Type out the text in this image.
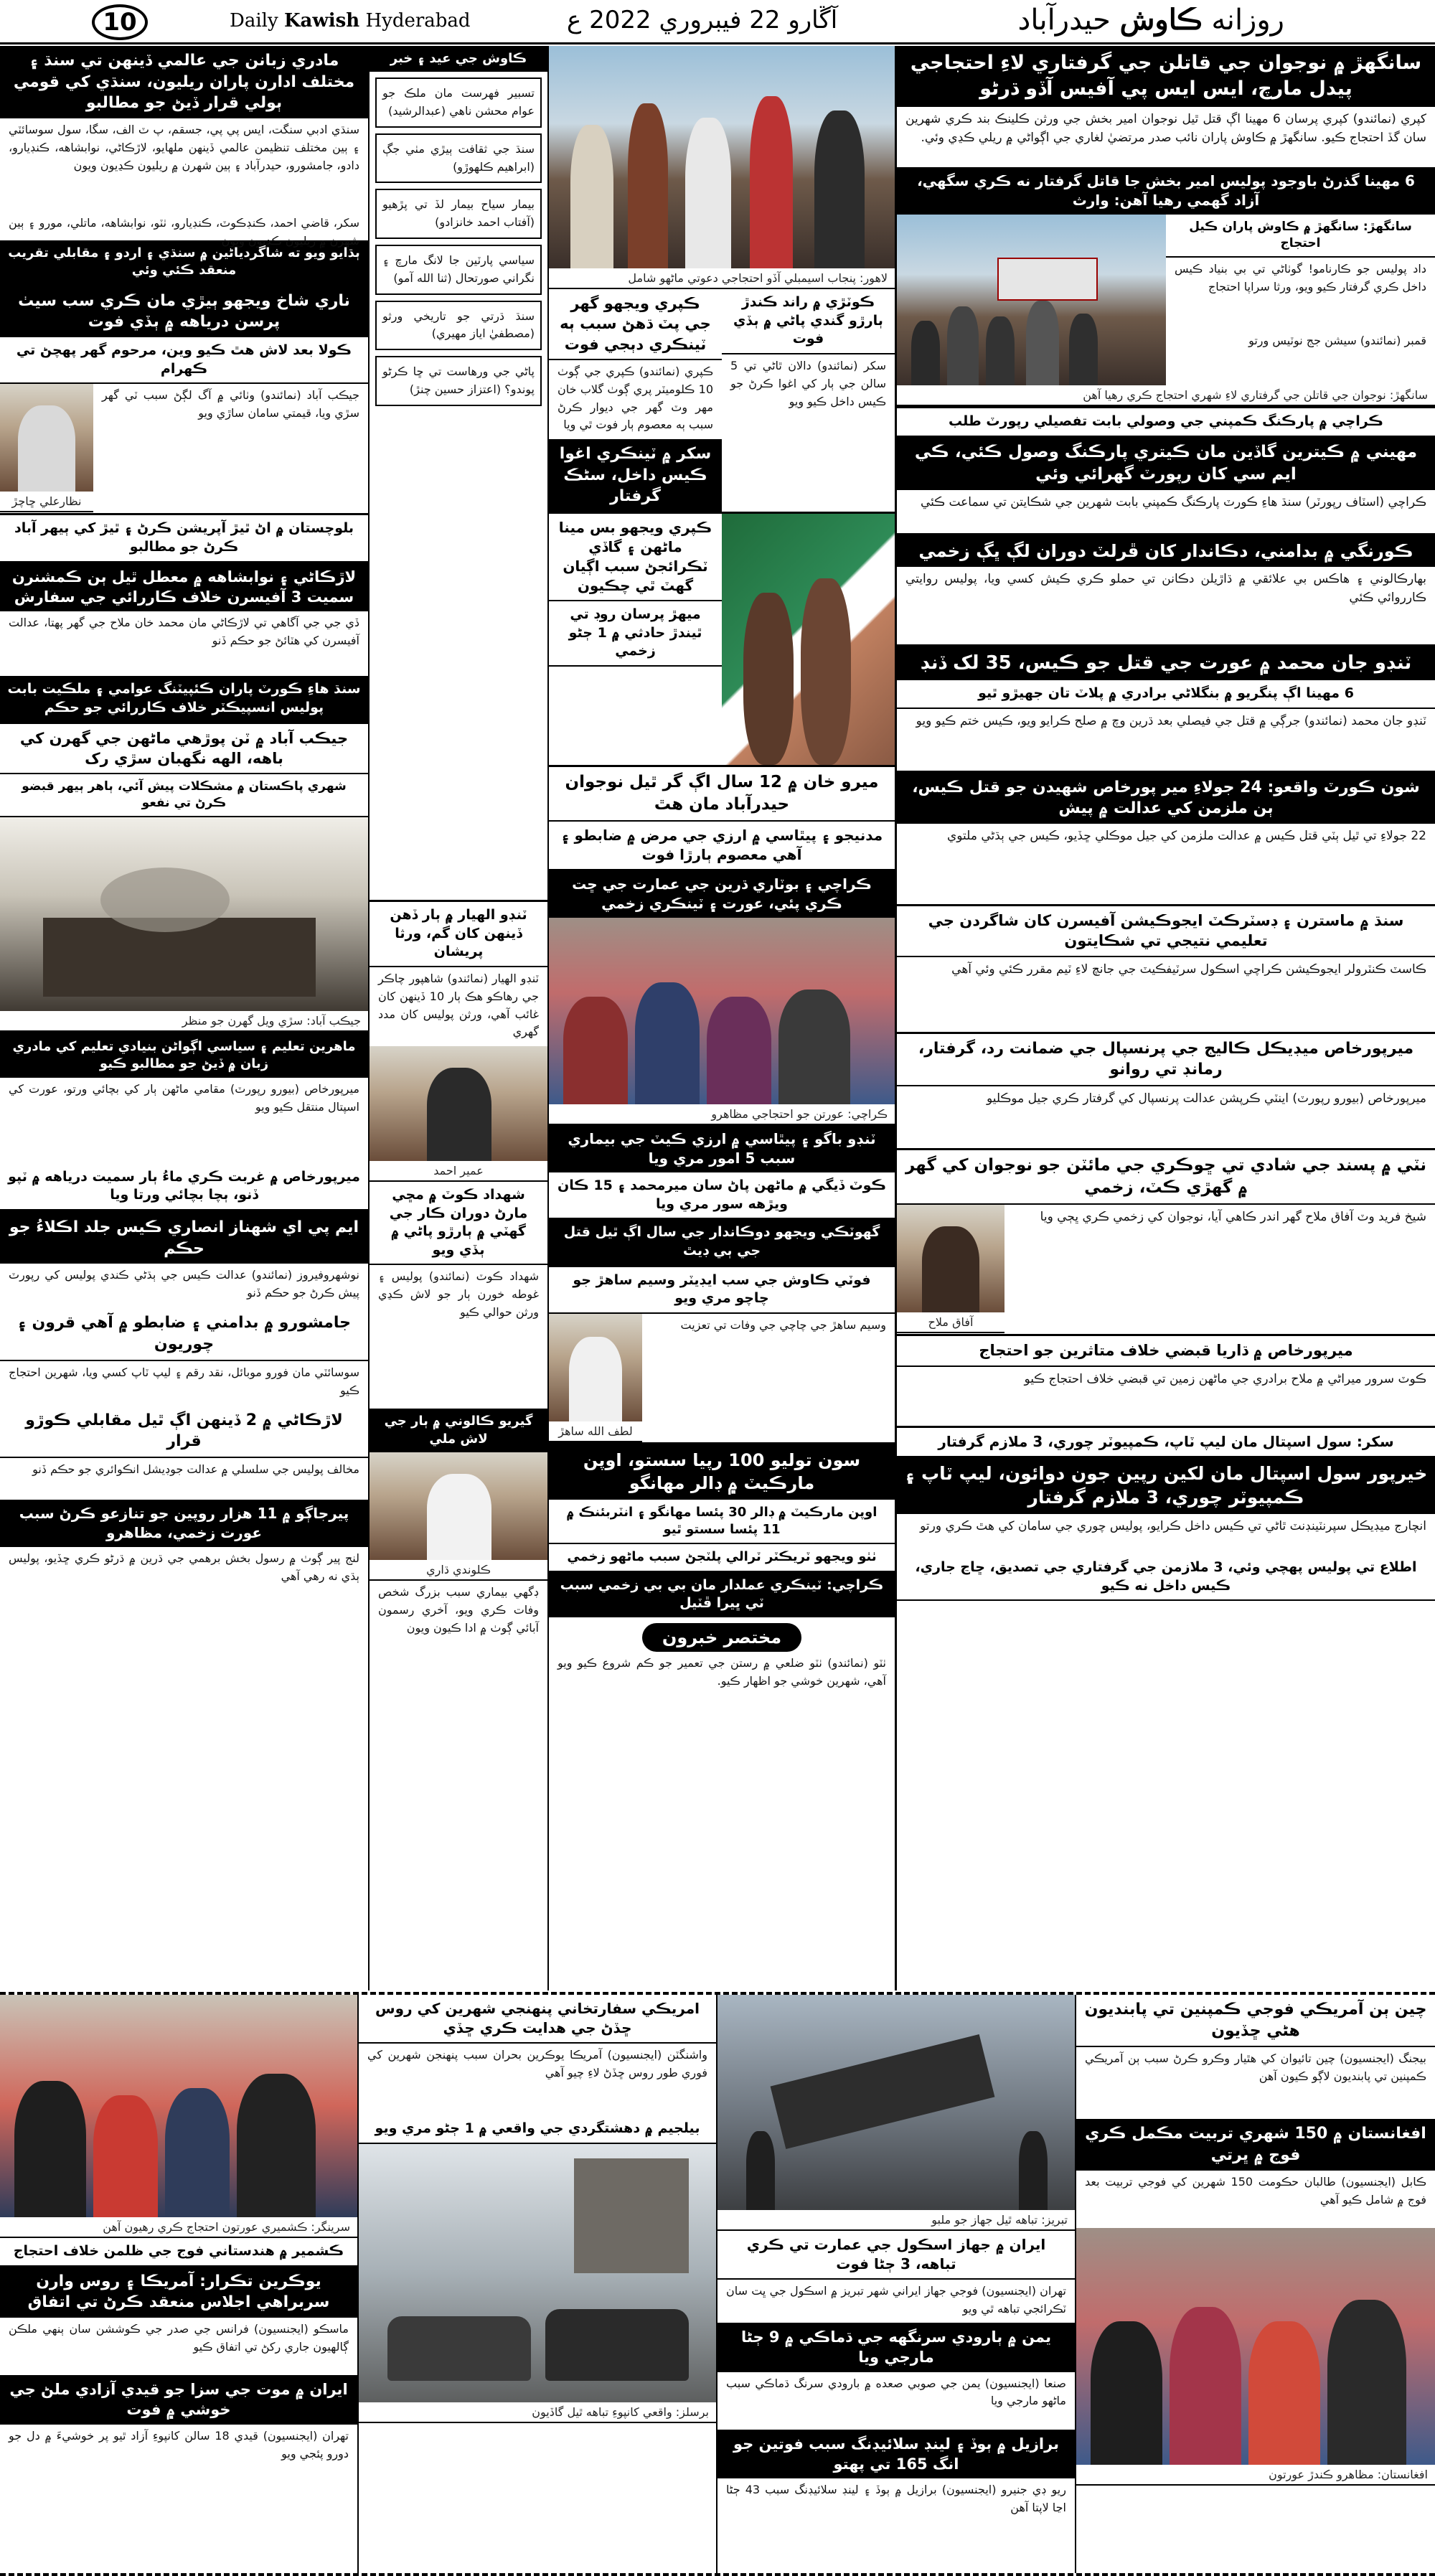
10	Daily Kawish Hyderabad	آڱارو 22 فيبروري 2022 ع	روزانه ڪاوش حيدرآباد
سانگهڙ ۾ نوجوان جي قاتلن جي گرفتاري لاءِ احتجاجي پيدل مارچ، ايس ايس پي آفيس آڏو ڌرڻو
کپري (نمائندو) کپري پرسان 6 مهينا اڳ قتل ٿيل نوجوان امير بخش جي ورثن ڪلينڪ بند ڪري شهرين سان گڏ احتجاج ڪيو. سانگهڙ ۾ ڪاوش پاران نائب صدر مرتضيٰ لغاري جي اڳواڻي ۾ ريلي ڪڍي وئي.
6 مهينا گذرڻ باوجود پوليس امير بخش جا قاتل گرفتار نه ڪري سگهي، آزاد گهمي رهيا آهن: وارث
سانگهڙ: سانگهڙ ۾ ڪاوش پاران ڪيل احتجاج
داد پوليس جو ڪارنامو! گوٺاڻي تي بي بنياد ڪيس داخل ڪري گرفتار ڪيو ويو، ورثا سراپا احتجاج
قمبر (نمائندو) سيشن جج نوٽيس ورتو
سانگهڙ: نوجوان جي قاتلن جي گرفتاري لاءِ شهري احتجاج ڪري رهيا آهن
ڪراچي ۾ پارڪنگ ڪمپني جي وصولي بابت تفصيلي رپورٽ طلب
مهيني ۾ ڪيترين گاڏين مان ڪيتري پارڪنگ وصول ڪئي، ڪي ايم سي کان رپورٽ گهرائي وئي
ڪراچي (اسٽاف رپورٽر) سنڌ هاءِ ڪورٽ پارڪنگ ڪمپني بابت شهرين جي شڪايتن تي سماعت ڪئي
ڪورنگي ۾ بدامني، دڪاندار کان ڦرلٽ دوران لڳ ڀڳ زخمي
بهارڪالوني ۽ هاڪس بي علائقي ۾ ڌاڙيلن دڪانن تي حملو ڪري ڪيش کسي ويا، پوليس روايتي ڪارروائي ڪئي
ٽنڊو جان محمد ۾ عورت جي قتل جو ڪيس، 35 لک ڏنڊ
6 مهينا اڳ پنگريو ۾ بنگلاڻي برادري ۾ پلاٽ تان جهيڙو ٿيو
ٽنڊو جان محمد (نمائندو) جرڳي ۾ قتل جي فيصلي بعد ڌرين وچ ۾ صلح ڪرايو ويو، ڪيس ختم ڪيو ويو
شون ڪورٽ واقعو: 24 جولاءِ مير پورخاص شهيدن جو قتل ڪيس، ٻن ملزمن کي عدالت ۾ پيش
22 جولاءِ تي ٿيل ٻٽي قتل ڪيس ۾ عدالت ملزمن کي جيل موڪلي ڇڏيو، ڪيس جي ٻڌڻي ملتوي
سنڌ ۾ ماسترن ۽ ڊسٽرڪٽ ايجوڪيشن آفيسرن کان شاگردن جي تعليمي نتيجي تي شڪايتون
ڪاسٽ ڪنٽرولر ايجوڪيشن ڪراچي اسڪول سرٽيفڪيٽ جي جانچ لاءِ ٽيم مقرر ڪئي وئي آهي
ميرپورخاص ميڊيڪل ڪاليج جي پرنسپال جي ضمانت رد، گرفتار، رمانڊ تي روانو
ميرپورخاص (بيورو رپورٽ) اينٽي ڪرپشن عدالت پرنسپال کي گرفتار ڪري جيل موڪليو
نٽي ۾ پسند جي شادي تي ڇوڪري جي مائٽن جو نوجوان کي گهر ۾ گهڙي ڪٽ، زخمي
شيخ فريد وٽ آفاق ملاح گهر اندر ڪاهي آيا، نوجوان کي زخمي ڪري ڀڄي ويا
آفاق ملاح
ميرپورخاص ۾ ڌاريا قبضي خلاف متاثرين جو احتجاج
ڪوٽ سرور ميراڻي ۾ ملاح برادري جي ماڻهن زمين تي قبضي خلاف احتجاج ڪيو
سکر: سول اسپتال مان ليپ ٽاپ، ڪمپيوٽر چوري، 3 ملازم گرفتار
خيرپور سول اسپتال مان لکين رپين جون دوائون، ليپ ٽاپ ۽ ڪمپيوٽر چوري، 3 ملازم گرفتار
انچارج ميڊيڪل سپرنٽينڊنٽ ٿاڻي تي ڪيس داخل ڪرايو، پوليس چوري جي سامان کي هٿ ڪري ورتو
اطلاع تي پوليس پهچي وئي، 3 ملازمن جي گرفتاري جي تصديق، ڇاڃ جاري، ڪيس داخل نه ڪيو
لاهور: پنجاب اسيمبلي آڏو احتجاجي دعوتي ماڻهو شامل
ڪوٽڙي ۾ راند ڪندڙ ٻارڙو گندي پاڻي ۾ ٻڏي فوت
سکر (نمائندو) دالان ٿاڻي تي 5 سالن جي ٻار کي اغوا ڪرڻ جو ڪيس داخل ڪيو ويو
ڪپري ويجهو گهر جي پٽ ڌهڻ سبب ٻه ٽينڪري دٻجي فوت
ڪپري (نمائندو) ڪپري جي ڳوٺ 10 ڪلوميٽر پري ڳوٺ گلاب خان مهر وٽ گهر جي ديوار ڪرڻ سبب ٻه معصوم ٻار فوت ٿي ويا
سکر ۾ ٽينڪري اغوا ڪيس داخل، سڻڪ گرفتار
ڪپري ويجهو بس مينا ماڻهن ۽ گاڏي ٽڪرائجڻ سبب اڳيان گهٽ ٿي چڪيون
ميهڙ پرسان روڊ تي ٿيندڙ حادثي ۾ 1 ڄڻو زخمي
ميرو خان ۾ 12 سال اڳ گر ٿيل نوجوان حيدرآباد مان هٿ
مدنيجو ۽ پيٿاسي ۾ ارزي جي مرض ۾ ضابطو ۽ آهي معصوم ٻارڙا فوت
ڪراچي ۽ بوٽاري ڌرين جي عمارت جي ڇت ڪري پئي، عورت ۽ ٽينڪري زخمي
ڪراچي: عورتن جو احتجاجي مظاهرو
ٽنڊو باگو ۽ پيٿاسي ۾ ارزي ڪيٽ جي بيماري سبب 5 امور مري ويا
ڪوٽ ڏيگي ۾ ماڻهن پاڻ سان ميرمحمد ۽ 15 ڪان ويڙهه سور مري ويا
گهوٽڪي ويجهو دوڪاندار جي سال اڳ ٿيل قتل جي ٻي ڊيٿ
فوٽي ڪاوش جي سب ايڊيٽر وسيم ساهڙ جو چاچو مري ويو
وسيم ساهڙ جي چاچي جي وفات تي تعزيت
لطف الله ساهڙ
سون توليو 100 رپيا سستو، اوپن مارڪيٽ ۾ ڊالر مهانگو
اوپن مارڪيٽ ۾ ڊالر 30 پئسا مهانگو ۽ انٽربئنڪ ۾ 11 پئسا سستو ٿيو
ٺٺو ويجهو ٽريڪٽر ٽرالي پلٽجڻ سبب ماڻهو زخمي
ڪراچي: ٽينڪري عملدار مان بي بي زخمي سبب ٽي ڀيرا ڦٽيل
مختصر خبرون
ٺٽو (نمائندو) ٺٽو ضلعي ۾ رستن جي تعمير جو ڪم شروع ڪيو ويو آهي، شهرين خوشي جو اظهار ڪيو.
ڪاوش جي عيد ۽ خبر
تسبير فهرست مان ملڪ جو عوام محشن ناهي (عبدالرشيد)
سنڌ جي ثقافت ٻيڙي مٺي جڳ (ابراهيم ڪلهوڙو)
بيمار سياح بيمار لڏ تي پڙهيو (آفتاب احمد خانزادو)
سياسي پارٽين جا لانگ مارچ ۽ نگراني صورتحال (ثنا الله آمو)
سنڌ ڌرتي جو تاريخي ورثو (مصطفيٰ اياز مهيري)
پاڻي جي ورهاست تي ڇا ڪرڻو پوندو؟ (اعتزاز حسين چنڙ)
ٽنڊو الهيار ۾ ٻار ڏهن ڏينهن کان گم، ورثا پريشان
ٽنڊو الهيار (نمائندو) شاهپور چاڪر جي رهاڪو هڪ ٻار 10 ڏينهن کان غائب آهي، ورثن پوليس کان مدد گهري
عمير احمد
شهداد ڪوٽ ۾ مڇي مارڻ دوران ڪار جي گهٽي ۾ ٻارڙو پاڻي ۾ ٻڏي ويو
شهداد ڪوٽ (نمائندو) پوليس ۽ غوطه خورن ٻار جو لاش ڪڍي ورثن حوالي ڪيو
گيريو ڪالوني ۾ ٻار جي لاش ملي
ڪلوندي ڌاري
ڊگهي بيماري سبب بزرگ شخص وفات ڪري ويو، آخري رسمون آبائي ڳوٺ ۾ ادا ڪيون ويون
مادري زبانن جي عالمي ڏينهن تي سنڌ ۽ مختلف ادارن پاران ريليون، سنڌي کي قومي ٻولي قرار ڏيڻ جو مطالبو
سنڌي ادبي سنگت، ايس پي پي، جسقم، پ ٽ الف، سگا، سول سوسائٽي ۽ ٻين مختلف تنظيمن عالمي ڏينهن ملهايو، لاڙڪاڻي، نوابشاهه، ڪنڊيارو، دادو، جامشورو، حيدرآباد ۽ ٻين شهرن ۾ ريليون ڪڍيون ويون
سکر، قاضي احمد، ڪنڊڪوٽ، ڪنڊيارو، ٺٽو، نوابشاهه، ماتلي، مورو ۽ ٻين شهرن ۾ ريليون ڪڍيون ويون
ٻڌايو ويو ته شاگردياڻين ۾ سنڌي ۽ اردو ۽ مقابلي تقريب منعقد ڪئي وئي
ناري شاخ ويجهو ٻيڙي مان ڪري سب سيٺ پرسن درياهه ۾ ٻڏي فوت
ڪولا بعد لاش هٿ ڪيو وين، مرحوم گهر پهچڻ تي ڪهرام
جيڪب آباد (نمائندو) وٺائي ۾ آگ لڳڻ سبب ٽي گهر سڙي ويا، قيمتي سامان ساڙي ويو
نظارعلي ڇاچڙ
بلوچستان ۾ اڻ ٿيڙ آپريشن ڪرڻ ۽ ٿيڙ کي ٻيهر آباد ڪرڻ جو مطالبو
لاڙڪاڻي ۽ نوابشاهه ۾ معطل ٿيل ٻن ڪمشنرن سميت 3 آفيسرن خلاف ڪاررائي جي سفارش
ڏي جي جي آگاهي تي لاڙڪاڻي مان محمد خان ملاح جي گهر پهتا، عدالت آفيسرن کي هٽائڻ جو حڪم ڏنو
سنڌ هاءِ ڪورٽ پاران ڪئپيٽنگ عوامي ۽ ملڪيت بابت پوليس انسپيڪٽر خلاف ڪاررائي جو حڪم
جيڪب آباد ۾ ٽن پوڙهي ماڻهن جي گهرن کي باهه، الهه نگهبان سڙي رک
شهري پاڪستان ۾ مشڪلات پيش آئي، ٻاهر ٻيهر قبضو ڪرڻ تي نفعو
جيڪب آباد: سڙي ويل گهرن جو منظر
ماهرين تعليم ۽ سياسي اڳواڻن بنيادي تعليم کي مادري زبان ۾ ڏيڻ جو مطالبو ڪيو
ميرپورخاص (بيورو رپورٽ) مقامي ماڻهن ٻار کي بچائي ورتو، عورت کي اسپتال منتقل ڪيو ويو
ميرپورخاص ۾ غربت ڪري ماءُ ٻار سميت درياهه ۾ ٽپو ڏنو، ٻچا بچائي ورتا ويا
ايم پي اي شهناز انصاري ڪيس جلد اڪلاءُ جو حڪم
نوشهروفيروز (نمائندو) عدالت ڪيس جي ٻڌڻي ڪندي پوليس کي رپورٽ پيش ڪرڻ جو حڪم ڏنو
جامشورو ۾ بدامني ۽ ضابطو ۾ آهي قرون ۽ چوريون
سوسائٽي مان فورو موبائل، نقد رقم ۽ ليپ ٽاپ کسي ويا، شهرين احتجاج ڪيو
لاڙڪاڻي ۾ 2 ڏينهن اڳ ٿيل مقابلي ڪوڙو قرار
مخالف پوليس جي سلسلي ۾ عدالت جوڊيشل انڪوائري جو حڪم ڏنو
پيرجاڳو ۾ 11 هزار روپين جو تنازعو ڪرڻ سبب عورت زخمي، مظاهرو
لنج پير ڳوٺ ۾ رسول بخش برهمي جي ڌرين ۾ ڌرڻو ڪري ڇڏيو، پوليس ٻڌي نه رهي آهي
چين ٻن آمريڪي فوجي ڪمپنين تي پابنديون هڻي ڇڏيون
بيجنگ (ايجنسيون) چين تائيوان کي هٿيار وڪرو ڪرڻ سبب ٻن آمريڪي ڪمپنين تي پابنديون لاڳو ڪيون آهن
افغانستان ۾ 150 شهري تربيت مڪمل ڪري فوج ۾ ڀرتي
ڪابل (ايجنسيون) طالبان حڪومت 150 شهرين کي فوجي تربيت بعد فوج ۾ شامل ڪيو آهي
افغانستان: مظاهرو ڪندڙ عورتون
تبريز: تباهه ٿيل جهاز جو ملبو
ايران ۾ جهاز اسڪول جي عمارت تي ڪري تباهه، 3 ڄڻا فوت
تهران (ايجنسيون) فوجي جهاز ايراني شهر تبريز ۾ اسڪول جي ڀت سان ٽڪرائجي تباهه ٿي ويو
يمن ۾ ٻارودي سرنگهه جي ڌماڪي ۾ 9 ڄڻا مارجي ويا
صنعا (ايجنسيون) يمن جي صوبي صعده ۾ بارودي سرنگ ڌماڪي سبب ماڻهو مارجي ويا
برازيل ۾ ٻوڏ ۽ لينڊ سلائيڊنگ سبب فوتين جو انگ 165 تي پهتو
ريو ڊي جنيرو (ايجنسيون) برازيل ۾ ٻوڏ ۽ لينڊ سلائيڊنگ سبب 43 ڄڻا اڃا لاپتا آهن
امريڪي سفارتخاني پنهنجي شهرين کي روس ڇڏڻ جي هدايت ڪري ڇڏي
واشنگٽن (ايجنسيون) آمريڪا يوڪرين بحران سبب پنهنجن شهرين کي فوري طور روس ڇڏڻ لاءِ چيو آهي
بيلجيم ۾ دهشتگردي جي واقعي ۾ 1 ڄڻو مري ويو
برسلز: واقعي کانپوءِ تباهه ٿيل گاڏيون
سرينگر: ڪشميري عورتون احتجاج ڪري رهيون آهن
ڪشمير ۾ هندستاني فوج جي ظلمن خلاف احتجاج
يوڪرين تڪرار: آمريڪا ۽ روس وارن سربراهي اجلاس منعقد ڪرڻ تي اتفاق
ماسڪو (ايجنسيون) فرانس جي صدر جي ڪوششن سان ٻنهي ملڪن ڳالهيون جاري رکڻ تي اتفاق ڪيو
ايران ۾ موت جي سزا جو قيدي آزادي ملڻ جي خوشي ۾ فوت
تهران (ايجنسيون) قيدي 18 سالن کانپوءِ آزاد ٿيو پر خوشيءَ ۾ دل جو دورو پئجي ويو
